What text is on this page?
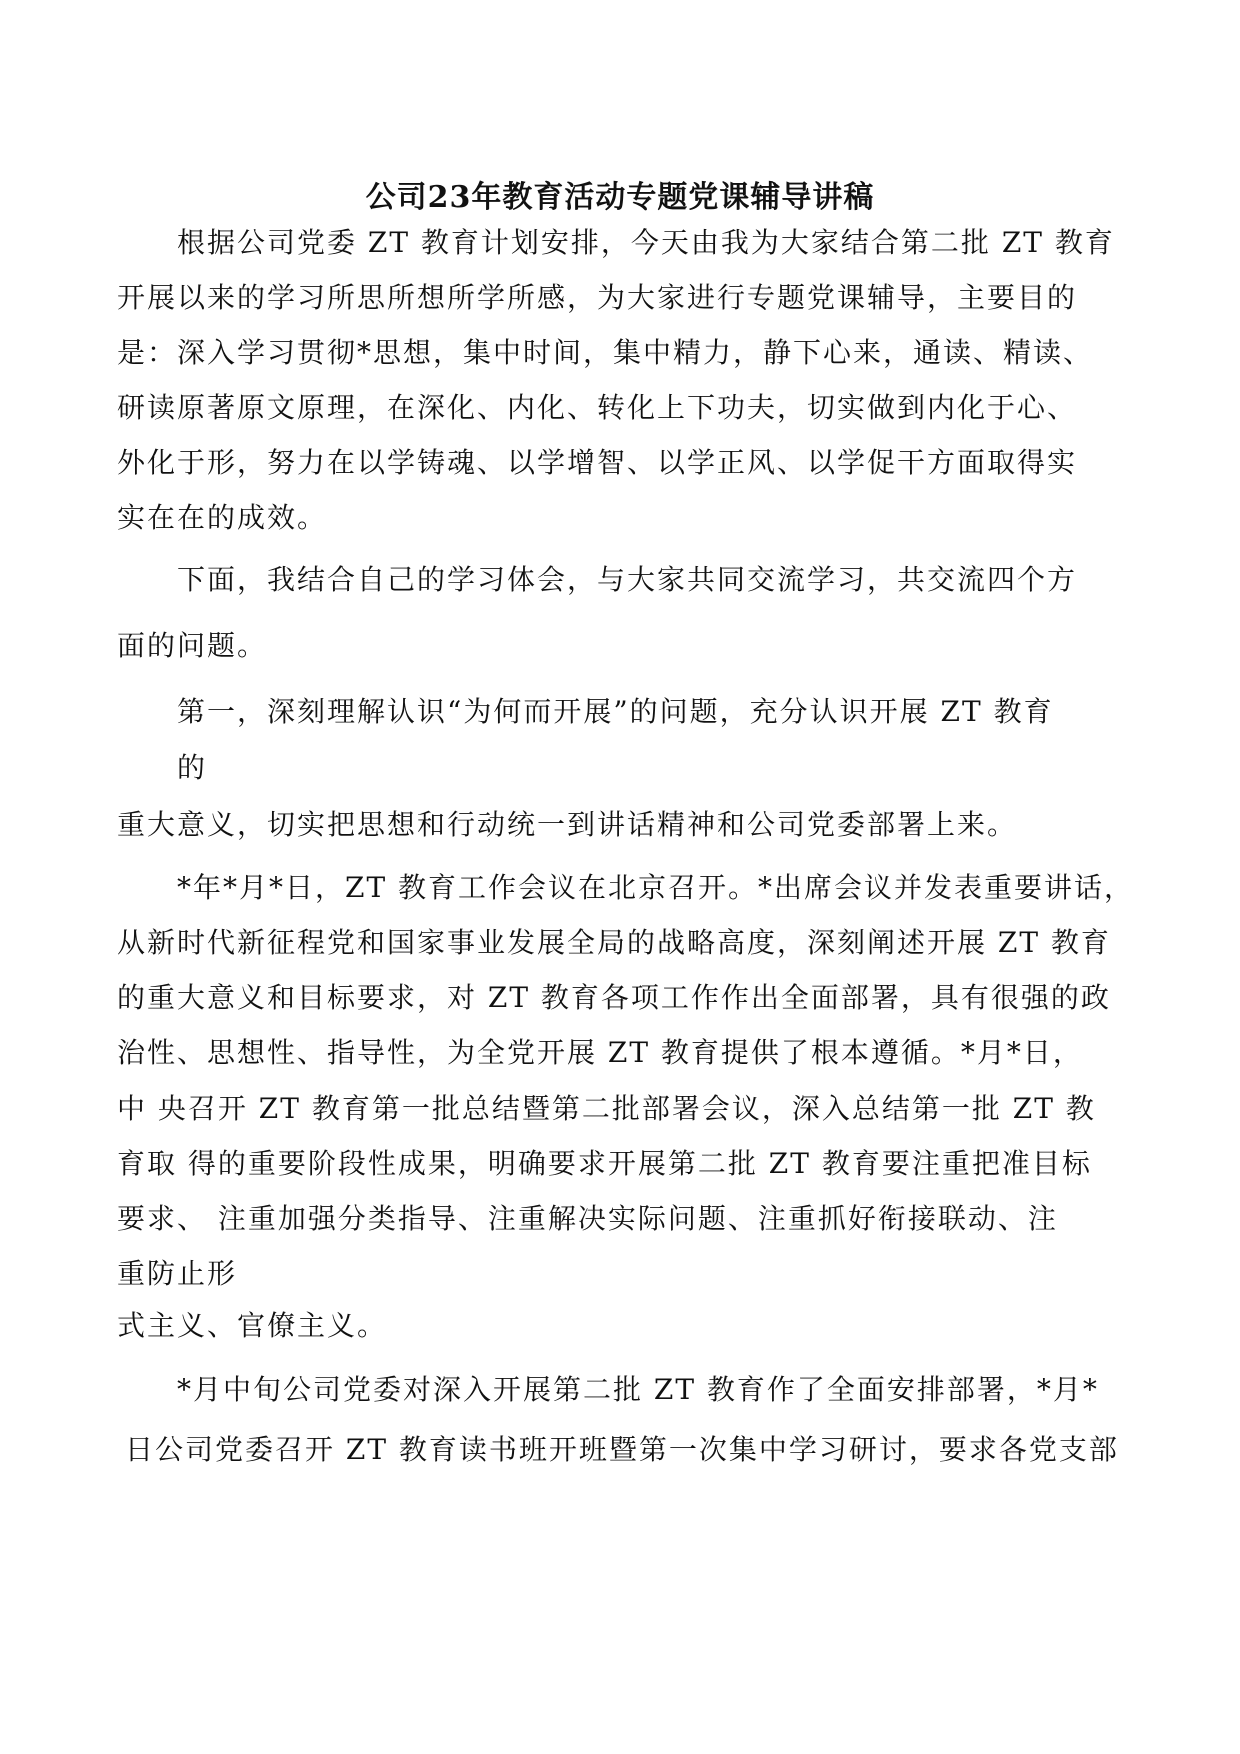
公司23年教育活动专题党课辅导讲稿
根据公司党委 ZT 教育计划安排，今天由我为大家结合第二批 ZT 教育
开展以来的学习所思所想所学所感，为大家进行专题党课辅导，主要目的
是：深入学习贯彻*思想，集中时间，集中精力，静下心来，通读、精读、
研读原著原文原理，在深化、内化、转化上下功夫，切实做到内化于心、
外化于形，努力在以学铸魂、以学增智、以学正风、以学促干方面取得实
实在在的成效。
下面，我结合自己的学习体会，与大家共同交流学习，共交流四个方
面的问题。
第一，深刻理解认识“为何而开展”的问题，充分认识开展 ZT 教育
的
重大意义，切实把思想和行动统一到讲话精神和公司党委部署上来。
*年*月*日，ZT 教育工作会议在北京召开。*出席会议并发表重要讲话，
从新时代新征程党和国家事业发展全局的战略高度，深刻阐述开展 ZT 教育
的重大意义和目标要求，对 ZT 教育各项工作作出全面部署，具有很强的政
治性、思想性、指导性，为全党开展 ZT 教育提供了根本遵循。*月*日，
中 央召开 ZT 教育第一批总结暨第二批部署会议，深入总结第一批 ZT 教
育取 得的重要阶段性成果，明确要求开展第二批 ZT 教育要注重把准目标
要求、 注重加强分类指导、注重解决实际问题、注重抓好衔接联动、注
重防止形
式主义、官僚主义。
*月中旬公司党委对深入开展第二批 ZT 教育作了全面安排部署，*月*
日公司党委召开 ZT 教育读书班开班暨第一次集中学习研讨，要求各党支部
